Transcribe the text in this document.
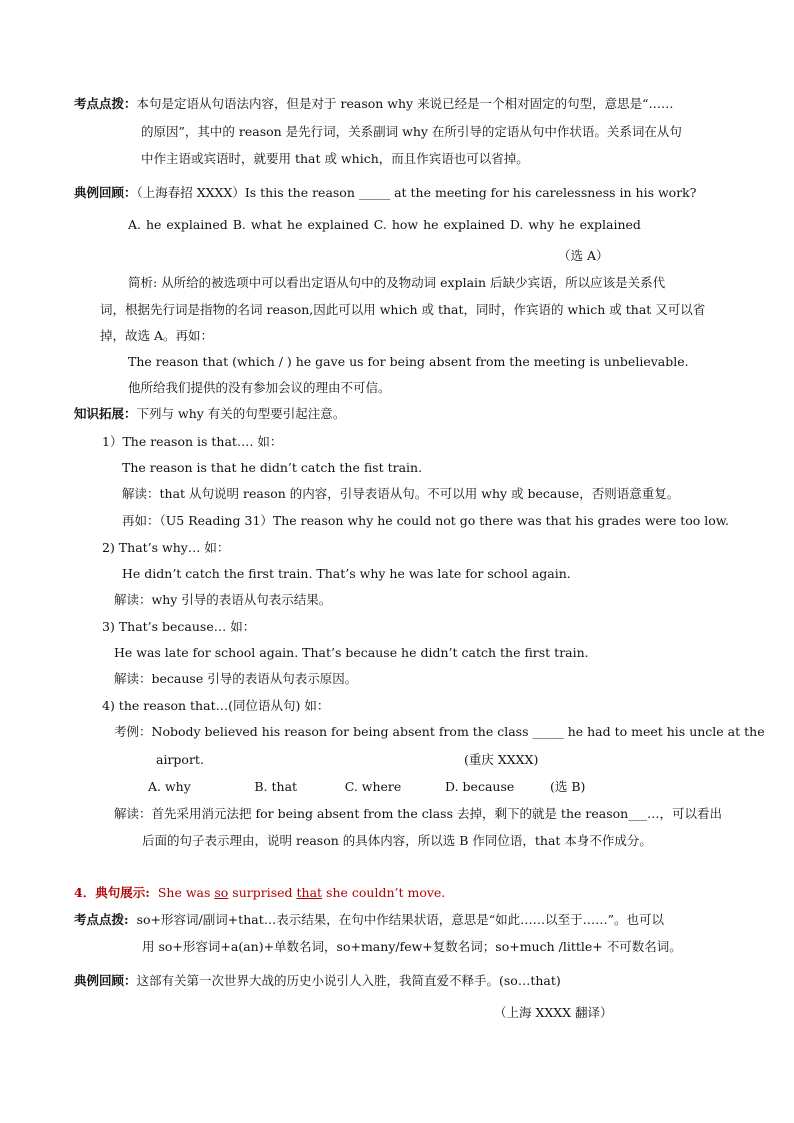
考点点拨：本句是定语从句语法内容，但是对于 reason why 来说已经是一个相对固定的句型，意思是“……
的原因”，其中的 reason 是先行词，关系副词 why 在所引导的定语从句中作状语。关系词在从句
中作主语或宾语时，就要用 that 或 which，而且作宾语也可以省掉。
典例回顾：（上海春招 XXXX）Is this the reason _____ at the meeting for his carelessness in his work?
A. he explained B. what he explained C. how he explained D. why he explained
（选 A）
简析: 从所给的被选项中可以看出定语从句中的及物动词 explain 后缺少宾语，所以应该是关系代
词，根据先行词是指物的名词 reason,因此可以用 which 或 that，同时，作宾语的 which 或 that 又可以省
掉，故选 A。再如：
The reason that (which / ) he gave us for being absent from the meeting is unbelievable.
他所给我们提供的没有参加会议的理由不可信。
知识拓展：下列与 why 有关的句型要引起注意。
1）The reason is that…. 如：
The reason is that he didn’t catch the fist train.
解读：that 从句说明 reason 的内容，引导表语从句。不可以用 why 或 because，否则语意重复。
再如：（U5 Reading 31）The reason why he could not go there was that his grades were too low.
2) That’s why… 如：
He didn’t catch the first train. That’s why he was late for school again.
解读：why 引导的表语从句表示结果。
3) That’s because… 如：
He was late for school again. That’s because he didn’t catch the first train.
解读：because 引导的表语从句表示原因。
4) the reason that…(同位语从句) 如：
考例：Nobody believed his reason for being absent from the class _____ he had to meet his uncle at the
airport.	(重庆 XXXX)
A. why                B. that            C. where           D. because         (选 B)
解读：首先采用消元法把 for being absent from the class 去掉，剩下的就是 the reason___…，可以看出
后面的句子表示理由，说明 reason 的具体内容，所以选 B 作同位语，that 本身不作成分。
4．典句展示: She was so surprised that she couldn’t move.
考点点拨:  so+形容词/副词+that…表示结果，在句中作结果状语，意思是“如此……以至于……”。也可以
用 so+形容词+a(an)+单数名词，so+many/few+复数名词；so+much /little+ 不可数名词。
典例回顾：这部有关第一次世界大战的历史小说引人入胜，我简直爱不释手。(so…that)
（上海 XXXX 翻译）
